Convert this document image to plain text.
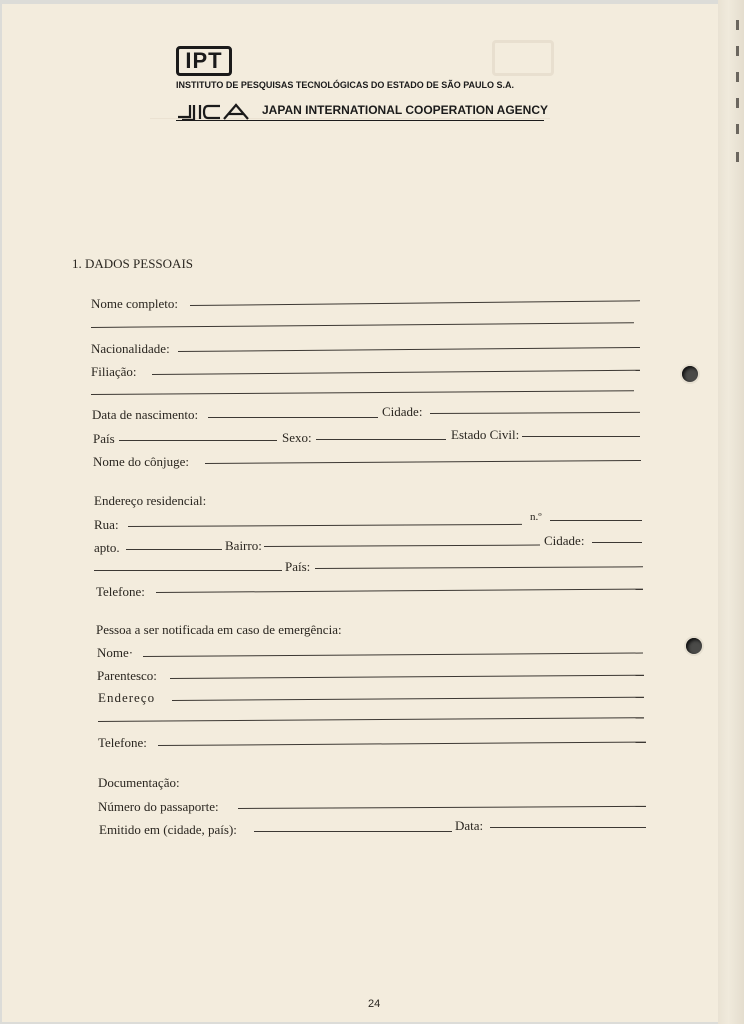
IPT
INSTITUTO DE PESQUISAS TECNOLÓGICAS DO ESTADO DE SÃO PAULO S.A.
JAPAN INTERNATIONAL COOPERATION AGENCY
1. DADOS PESSOAIS
Nome completo:
Nacionalidade:
Filiação:
Data de nascimento:	Cidade:
País	Sexo:	Estado Civil:
Nome do cônjuge:
Endereço residencial:
Rua:	n.º
apto.	Bairro:	Cidade:
País:
Telefone:
Pessoa a ser notificada em caso de emergência:
Nome·
Parentesco:
Endereço
Telefone:
Documentação:
Número do passaporte:
Emitido em (cidade, país):	Data:
24
